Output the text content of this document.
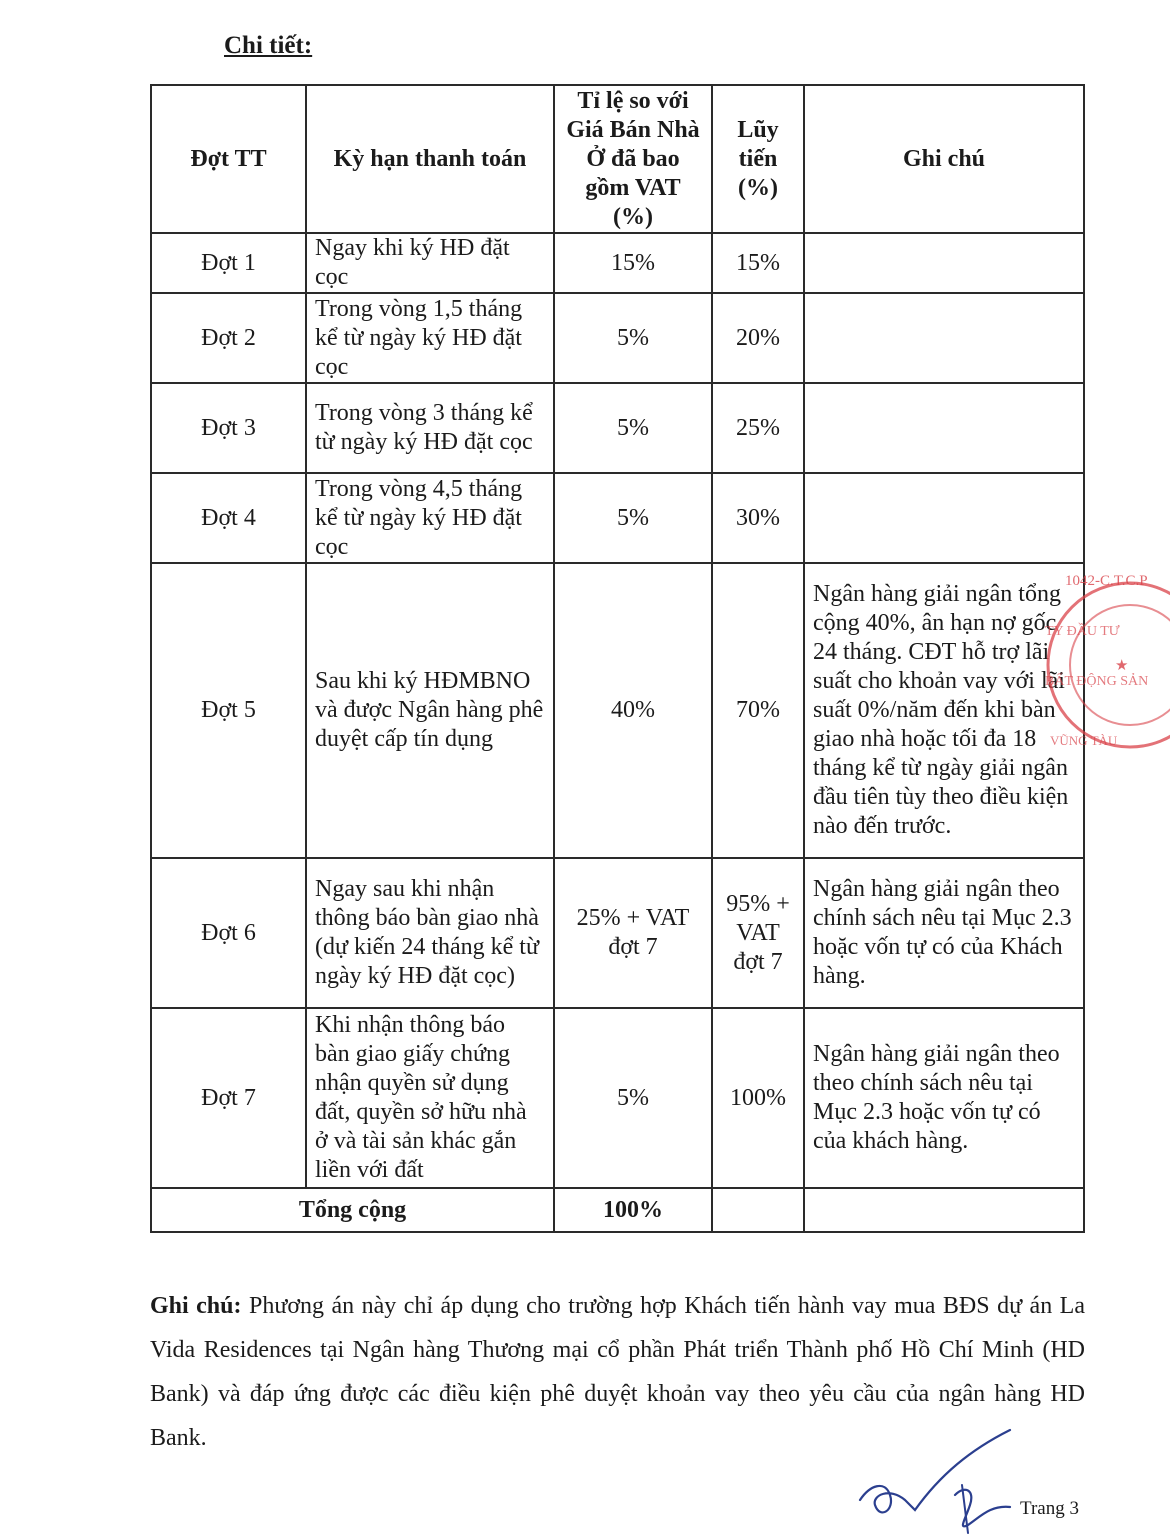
Chi tiết:
Đợt TT	Kỳ hạn thanh toán	Tỉ lệ so với Giá Bán Nhà Ở đã bao gồm VAT (%)	Lũy tiến (%)	Ghi chú
Đợt 1	Ngay khi ký HĐ đặt cọc	15%	15%	
Đợt 2	Trong vòng 1,5 tháng kể từ ngày ký HĐ đặt cọc	5%	20%	
Đợt 3	Trong vòng 3 tháng kể từ ngày ký HĐ đặt cọc	5%	25%	
Đợt 4	Trong vòng 4,5 tháng kể từ ngày ký HĐ đặt cọc	5%	30%	
Đợt 5	Sau khi ký HĐMBNO và được Ngân hàng phê duyệt cấp tín dụng	40%	70%	Ngân hàng giải ngân tổng cộng 40%, ân hạn nợ gốc 24 tháng. CĐT hỗ trợ lãi suất cho khoản vay với lãi suất 0%/năm đến khi bàn giao nhà hoặc tối đa 18 tháng kể từ ngày giải ngân đầu tiên tùy theo điều kiện nào đến trước.
Đợt 6	Ngay sau khi nhận thông báo bàn giao nhà (dự kiến 24 tháng kể từ ngày ký HĐ đặt cọc)	25% + VAT đợt 7	95% + VAT đợt 7	Ngân hàng giải ngân theo chính sách nêu tại Mục 2.3 hoặc vốn tự có của Khách hàng.
Đợt 7	Khi nhận thông báo bàn giao giấy chứng nhận quyền sử dụng đất, quyền sở hữu nhà ở và tài sản khác gắn liền với đất	5%	100%	Ngân hàng giải ngân theo theo chính sách nêu tại Mục 2.3 hoặc vốn tự có của khách hàng.
Tổng cộng		100%		
Ghi chú: Phương án này chỉ áp dụng cho trường hợp Khách tiến hành vay mua BĐS dự án La Vida Residences tại Ngân hàng Thương mại cổ phần Phát triển Thành phố Hồ Chí Minh (HD Bank) và đáp ứng được các điều kiện phê duyệt khoản vay theo yêu cầu của ngân hàng HD Bank.
1042-C.T.C.P
★
TY ĐẦU TƯ
BẤT ĐỘNG SẢN
VŨNG TÀU
Trang 3
